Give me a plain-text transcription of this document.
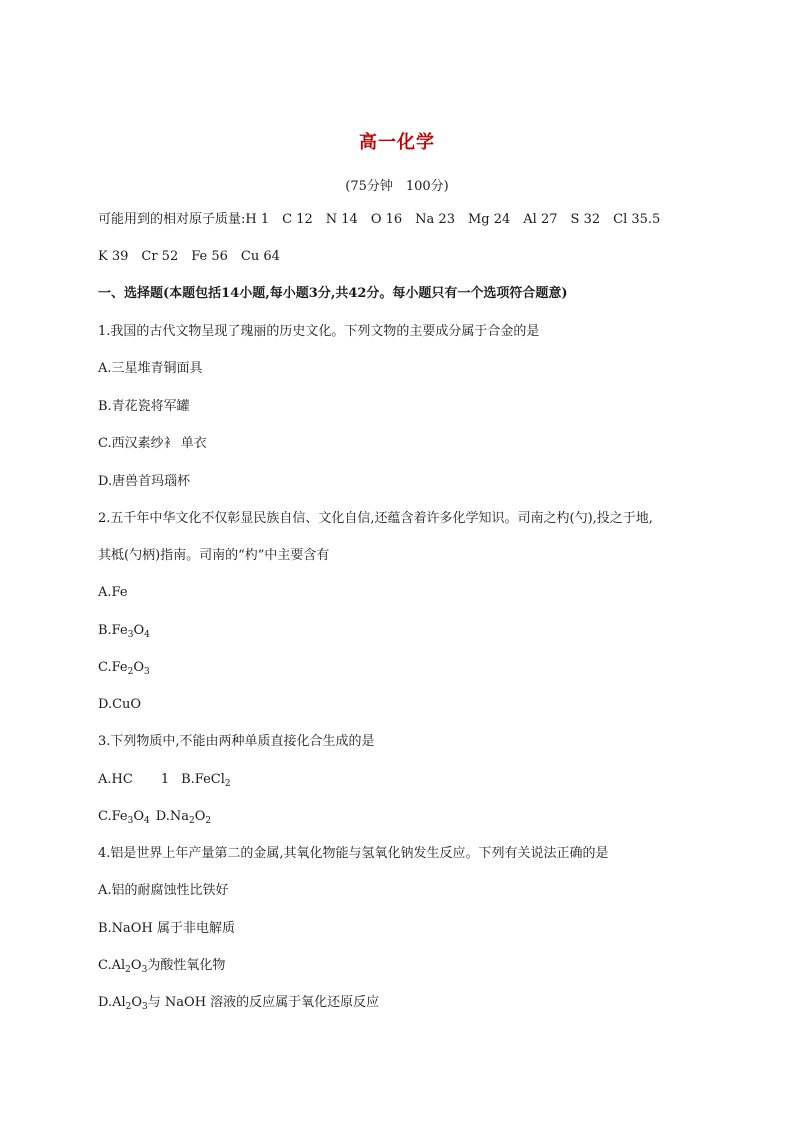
高一化学
(75分钟　100分)
可能用到的相对原子质量:H 1 C 12 N 14 O 16 Na 23 Mg 24 Al 27 S 32 Cl 35.5
K 39 Cr 52 Fe 56 Cu 64
一、选择题(本题包括14小题,每小题3分,共42分。每小题只有一个选项符合题意)
1.我国的古代文物呈现了瑰丽的历史文化。下列文物的主要成分属于合金的是
A.三星堆青铜面具
B.青花瓷将军罐
C.西汉素纱衤 单衣
D.唐兽首玛瑙杯
2.五千年中华文化不仅彰显民族自信、文化自信,还蕴含着许多化学知识。司南之杓(勺),投之于地,
其柢(勺柄)指南。司南的“杓”中主要含有
A.Fe
$B.Fe_3O_4$
$C.Fe_2O_3$
D.CuO
3.下列物质中,不能由两种单质直接化合生成的是
A.HC 1 B.FeCl$_2$
$C.Fe_3O_4$ $D.Na_2O_2$
4.铝是世界上年产量第二的金属,其氧化物能与氢氧化钠发生反应。下列有关说法正确的是
A.铝的耐腐蚀性比铁好
B.NaOH 属于非电解质
$C.Al_2O_3$为酸性氧化物
$D.Al_2O_3$与 NaOH 溶液的反应属于氧化还原反应
